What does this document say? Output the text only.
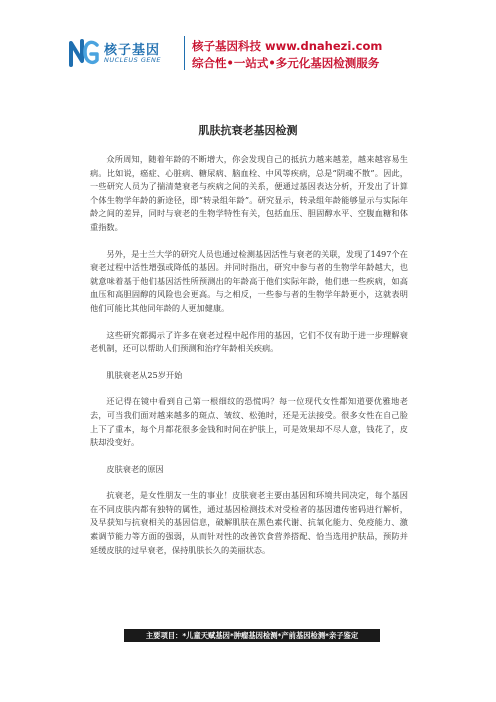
核子基因
NUCLEUS GENE
核子基因科技 www.dnahezi.com
综合性•一站式•多元化基因检测服务
肌肤抗衰老基因检测

众所周知，随着年龄的不断增大，你会发现自己的抵抗力越来越差，越来越容易生病。比如说，癌症、心脏病、糖尿病、脑血栓、中风等疾病，总是“阴魂不散”。因此，一些研究人员为了揣清楚衰老与疾病之间的关系，便通过基因表达分析，开发出了计算个体生物学年龄的新途径，即“转录组年龄”。研究显示，转录组年龄能够显示与实际年龄之间的差异，同时与衰老的生物学特性有关，包括血压、胆固醇水平、空腹血糖和体重指数。

另外，是士兰大学的研究人员也通过检测基因活性与衰老的关联，发现了1497个在衰老过程中活性增强或降低的基因。并同时指出，研究中参与者的生物学年龄越大，也就意味着基于他们基因活性所预测出的年龄高于他们实际年龄，他们患一些疾病，如高血压和高胆固醇的风险也会更高。与之相反，一些参与者的生物学年龄更小，这就表明他们可能比其他同年龄的人更加健康。

这些研究都揭示了许多在衰老过程中起作用的基因，它们不仅有助于进一步理解衰老机制，还可以帮助人们预测和治疗年龄相关疾病。

肌肤衰老从25岁开始

还记得在镜中看到自己第一根细纹的恐慌吗？每一位现代女性都知道要优雅地老去，可当我们面对越来越多的斑点、皱纹、松弛时，还是无法接受。很多女性在自己脸上下了重本，每个月都花很多金钱和时间在护肤上，可是效果却不尽人意，钱花了，皮肤却没变好。

皮肤衰老的原因

抗衰老，是女性朋友一生的事业！皮肤衰老主要由基因和环境共同决定，每个基因在不同皮肤内都有独特的属性，通过基因检测技术对受检者的基因遗传密码进行解析，及早获知与抗衰相关的基因信息，破解肌肤在黑色素代谢、抗氧化能力、免疫能力、激素调节能力等方面的强弱，从而针对性的改善饮食营养搭配、恰当选用护肤品，预防并延缓皮肤的过早衰老，保持肌肤长久的美丽状态。

主要项目：*儿童天赋基因*肿瘤基因检测*产前基因检测*亲子鉴定
